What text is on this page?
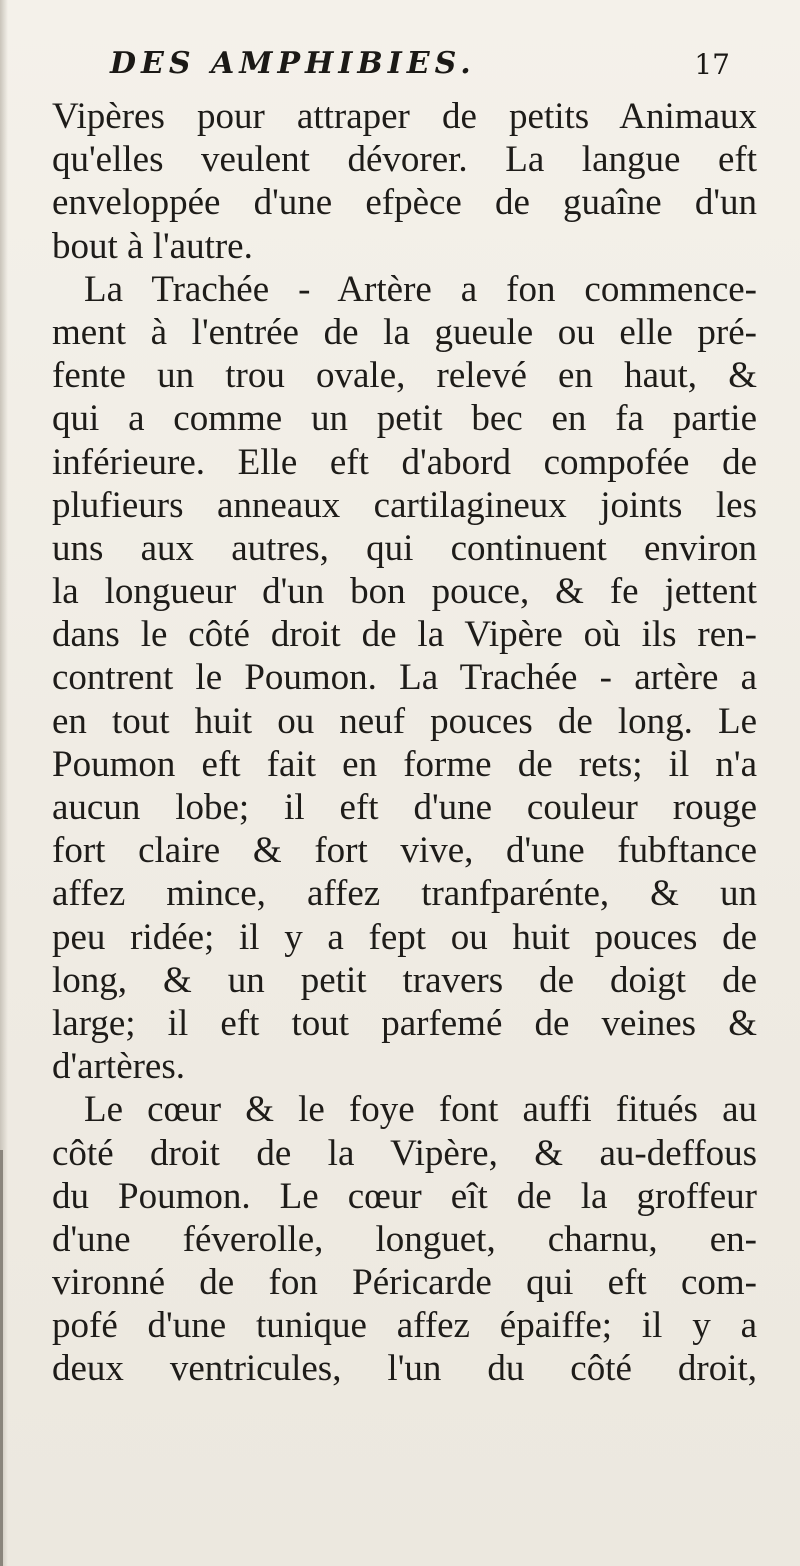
DES AMPHIBIES.	17
Vipères pour attraper de petits Animaux
qu'elles veulent dévorer. La langue eft
enveloppée d'une efpèce de guaîne d'un
bout à l'autre.
La Trachée - Artère a fon commence-
ment à l'entrée de la gueule ou elle pré-
fente un trou ovale, relevé en haut, &
qui a comme un petit bec en fa partie
inférieure. Elle eft d'abord compofée de
plufieurs anneaux cartilagineux joints les
uns aux autres, qui continuent environ
la longueur d'un bon pouce, & fe jettent
dans le côté droit de la Vipère où ils ren-
contrent le Poumon. La Trachée - artère a
en tout huit ou neuf pouces de long. Le
Poumon eft fait en forme de rets; il n'a
aucun lobe; il eft d'une couleur rouge
fort claire & fort vive, d'une fubftance
affez mince, affez tranfparénte, & un
peu ridée; il y a fept ou huit pouces de
long, & un petit travers de doigt de
large; il eft tout parfemé de veines &
d'artères.
Le cœur & le foye font auffi fitués au
côté droit de la Vipère, & au-deffous
du Poumon. Le cœur eît de la groffeur
d'une féverolle, longuet, charnu, en-
vironné de fon Péricarde qui eft com-
pofé d'une tunique affez épaiffe; il y a
deux ventricules, l'un du côté droit,
